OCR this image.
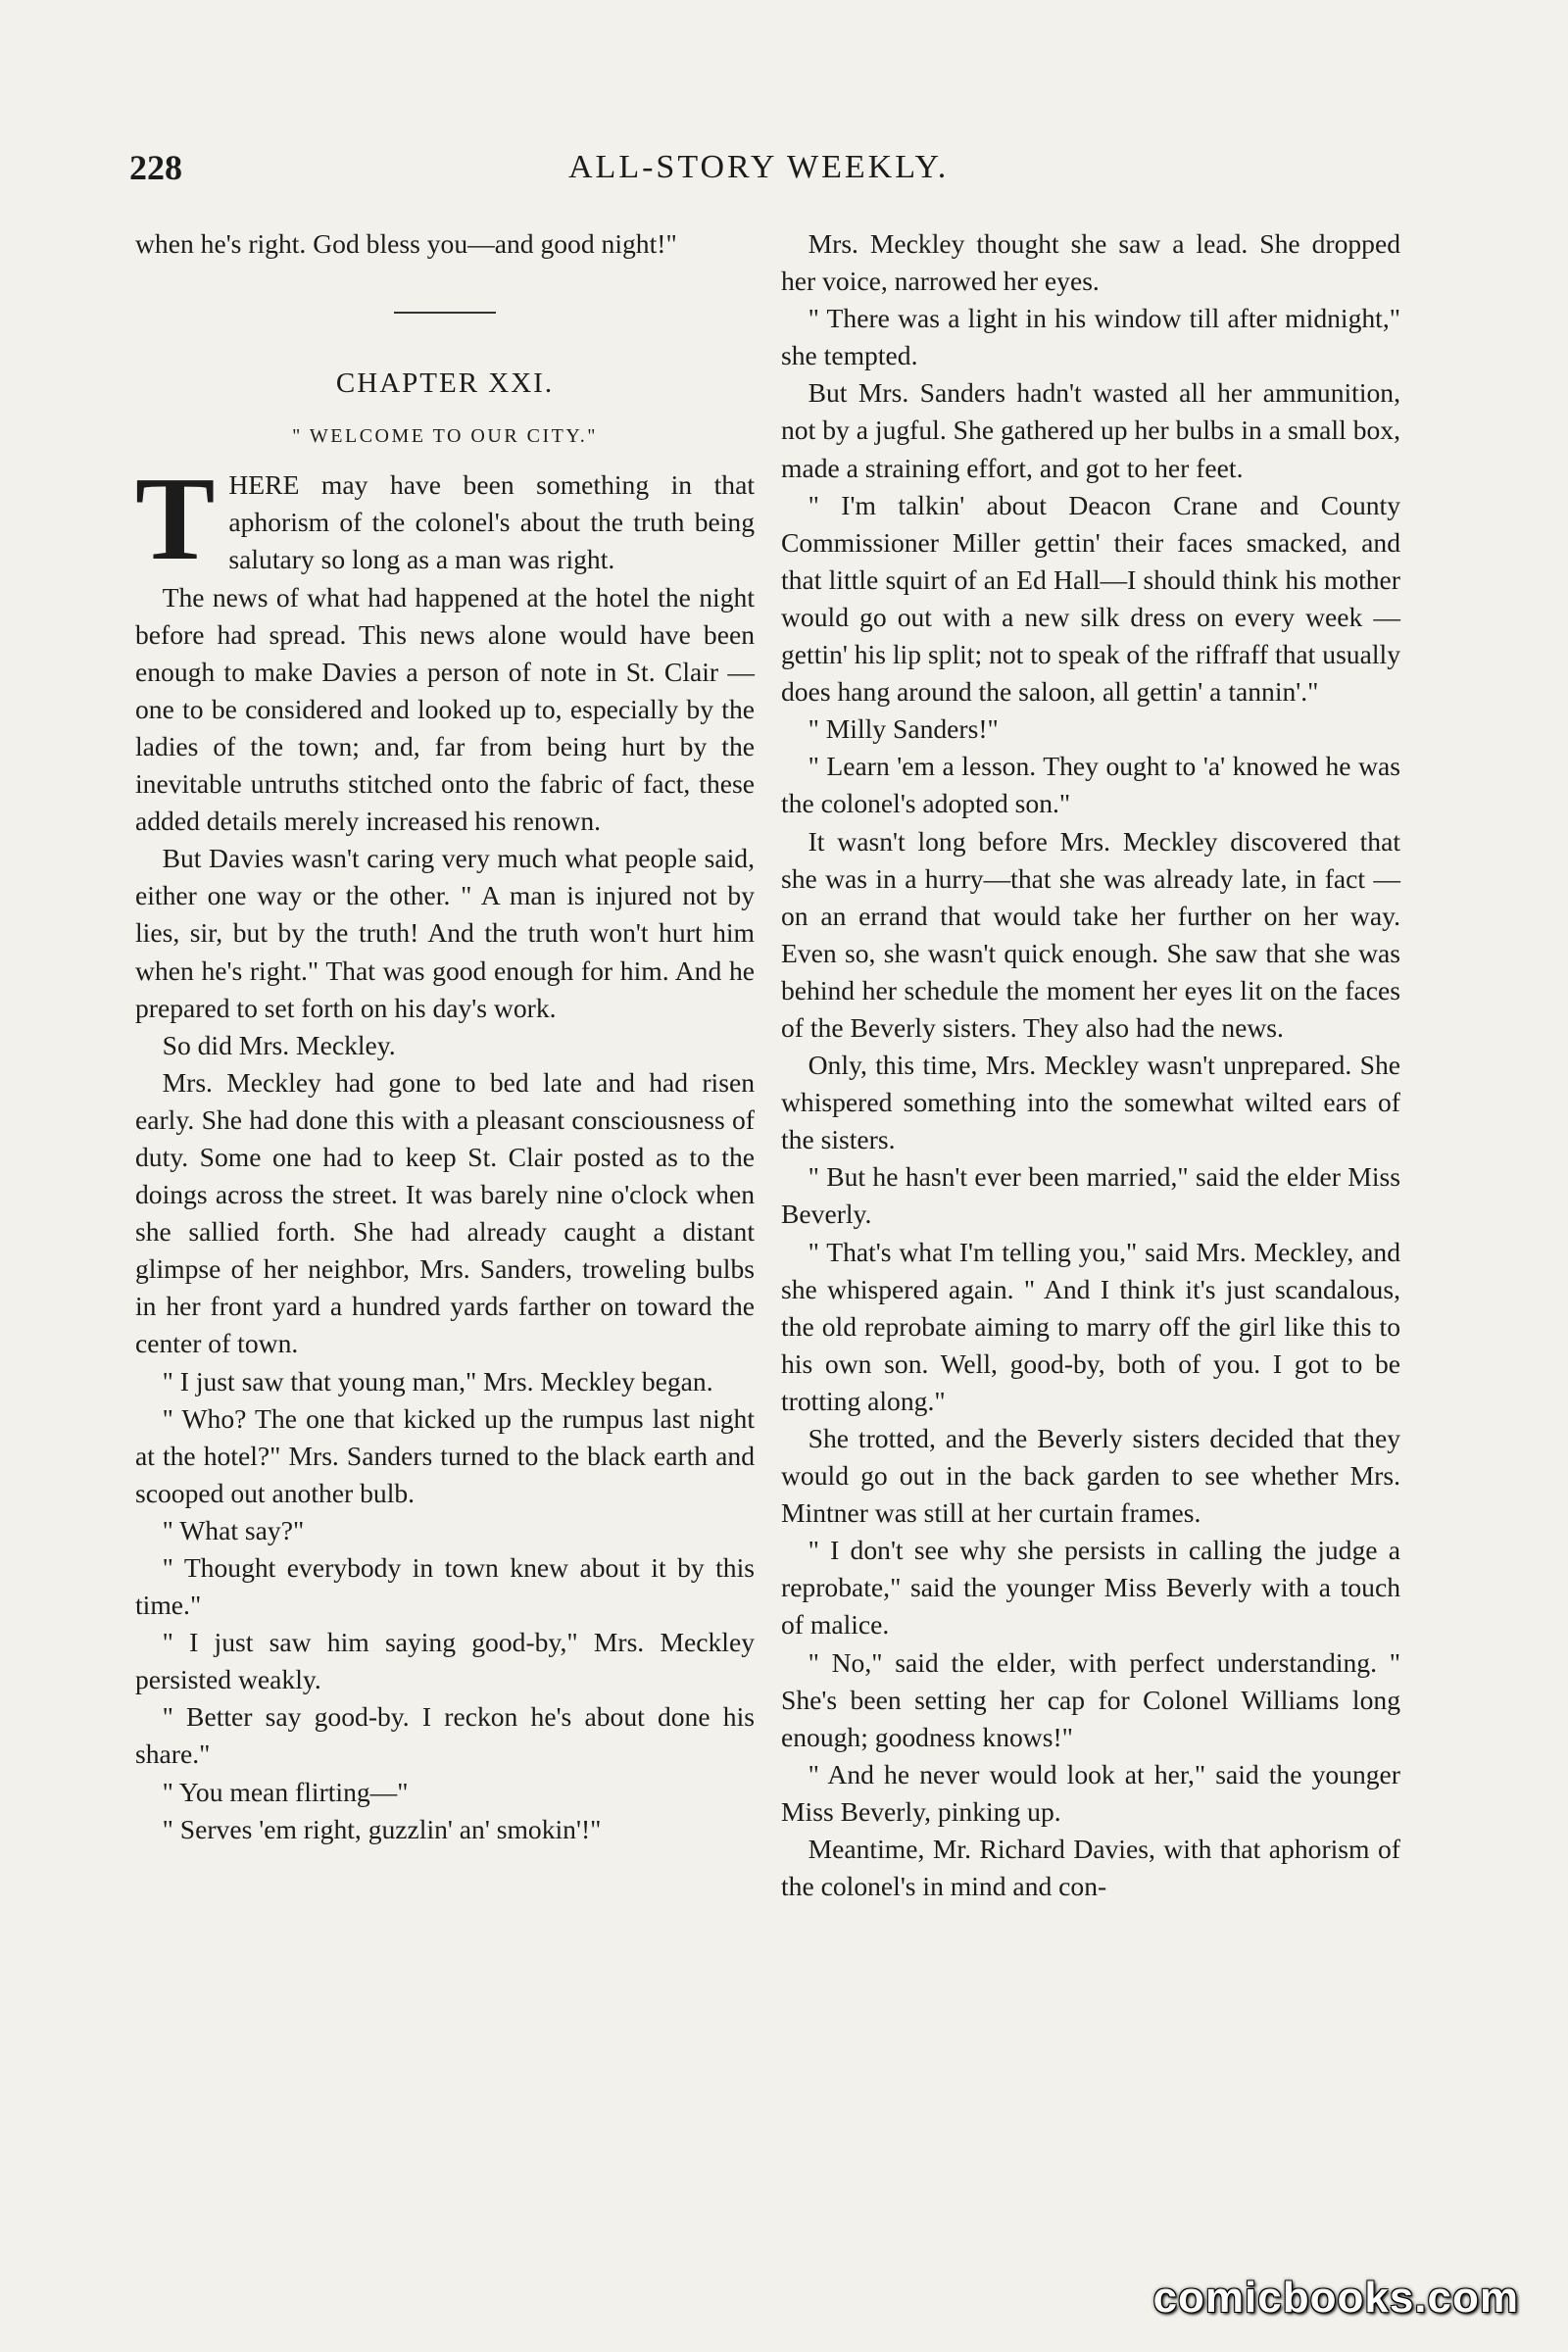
228	ALL-STORY WEEKLY.

when he's right. God bless you—and good night!"

CHAPTER XXI.
" WELCOME TO OUR CITY."

THERE may have been something in that aphorism of the colonel's about the truth being salutary so long as a man was right.

The news of what had happened at the hotel the night before had spread. This news alone would have been enough to make Davies a person of note in St. Clair —one to be considered and looked up to, especially by the ladies of the town; and, far from being hurt by the inevitable untruths stitched onto the fabric of fact, these added details merely increased his renown.

But Davies wasn't caring very much what people said, either one way or the other. " A man is injured not by lies, sir, but by the truth! And the truth won't hurt him when he's right." That was good enough for him. And he prepared to set forth on his day's work.

So did Mrs. Meckley.

Mrs. Meckley had gone to bed late and had risen early. She had done this with a pleasant consciousness of duty. Some one had to keep St. Clair posted as to the doings across the street. It was barely nine o'clock when she sallied forth. She had already caught a distant glimpse of her neighbor, Mrs. Sanders, troweling bulbs in her front yard a hundred yards farther on toward the center of town.

" I just saw that young man," Mrs. Meckley began.

" Who? The one that kicked up the rumpus last night at the hotel?" Mrs. Sanders turned to the black earth and scooped out another bulb.

" What say?"

" Thought everybody in town knew about it by this time."

" I just saw him saying good-by," Mrs. Meckley persisted weakly.

" Better say good-by. I reckon he's about done his share."

" You mean flirting—"

" Serves 'em right, guzzlin' an' smokin'!"

Mrs. Meckley thought she saw a lead. She dropped her voice, narrowed her eyes.

" There was a light in his window till after midnight," she tempted.

But Mrs. Sanders hadn't wasted all her ammunition, not by a jugful. She gathered up her bulbs in a small box, made a straining effort, and got to her feet.

" I'm talkin' about Deacon Crane and County Commissioner Miller gettin' their faces smacked, and that little squirt of an Ed Hall—I should think his mother would go out with a new silk dress on every week —gettin' his lip split; not to speak of the riffraff that usually does hang around the saloon, all gettin' a tannin'."

" Milly Sanders!"

" Learn 'em a lesson. They ought to 'a' knowed he was the colonel's adopted son."

It wasn't long before Mrs. Meckley discovered that she was in a hurry—that she was already late, in fact — on an errand that would take her further on her way. Even so, she wasn't quick enough. She saw that she was behind her schedule the moment her eyes lit on the faces of the Beverly sisters. They also had the news.

Only, this time, Mrs. Meckley wasn't unprepared. She whispered something into the somewhat wilted ears of the sisters.

" But he hasn't ever been married," said the elder Miss Beverly.

" That's what I'm telling you," said Mrs. Meckley, and she whispered again. " And I think it's just scandalous, the old reprobate aiming to marry off the girl like this to his own son. Well, good-by, both of you. I got to be trotting along."

She trotted, and the Beverly sisters decided that they would go out in the back garden to see whether Mrs. Mintner was still at her curtain frames.

" I don't see why she persists in calling the judge a reprobate," said the younger Miss Beverly with a touch of malice.

" No," said the elder, with perfect understanding. " She's been setting her cap for Colonel Williams long enough; goodness knows!"

" And he never would look at her," said the younger Miss Beverly, pinking up.

Meantime, Mr. Richard Davies, with that aphorism of the colonel's in mind and con-

comicbooks.com
